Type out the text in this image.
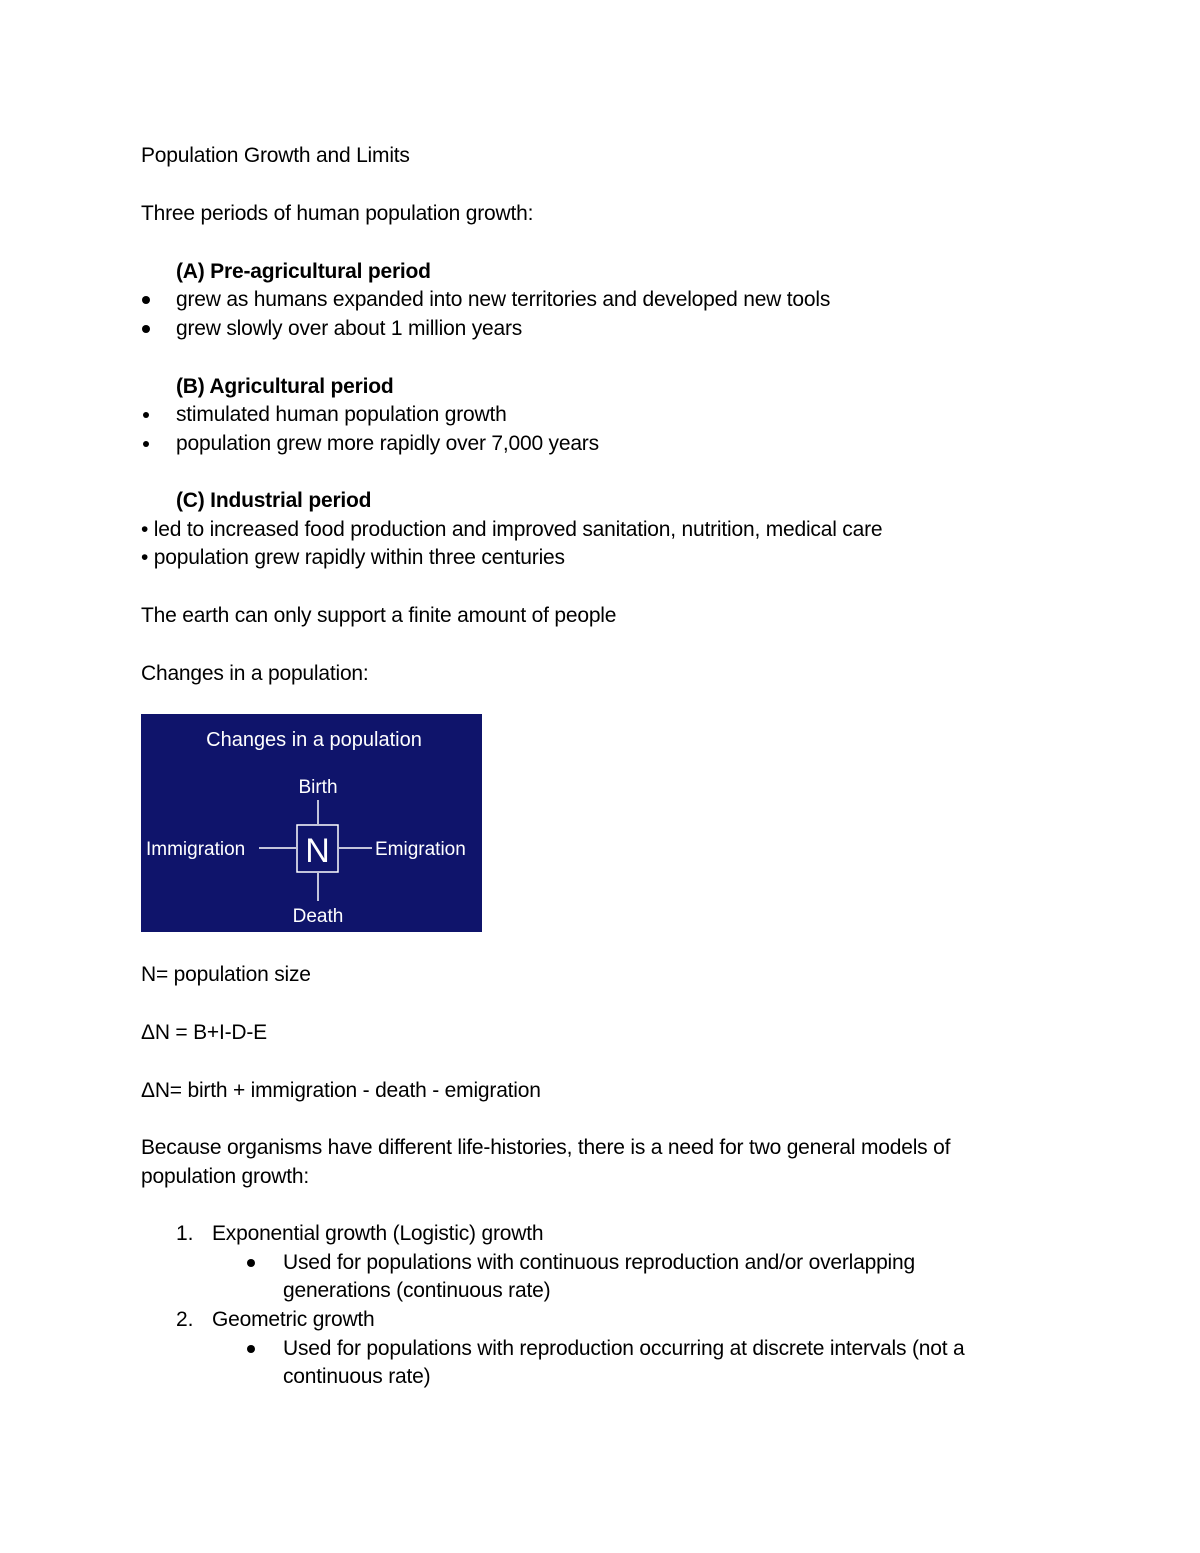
Population Growth and Limits
Three periods of human population growth:
(A) Pre-agricultural period
grew as humans expanded into new territories and developed new tools
grew slowly over about 1 million years
(B) Agricultural period
stimulated human population growth
population grew more rapidly over 7,000 years
(C) Industrial period
• led to increased food production and improved sanitation, nutrition, medical care
• population grew rapidly within three centuries
The earth can only support a finite amount of people
Changes in a population:
Changes in a population
Birth
N
Death
Immigration	Emigration
N= population size
ΔN = B+I-D-E
ΔN= birth + immigration - death - emigration
Because organisms have different life-histories, there is a need for two general models of
population growth:
1. Exponential growth (Logistic) growth
Used for populations with continuous reproduction and/or overlapping
generations (continuous rate)
2. Geometric growth
Used for populations with reproduction occurring at discrete intervals (not a
continuous rate)
